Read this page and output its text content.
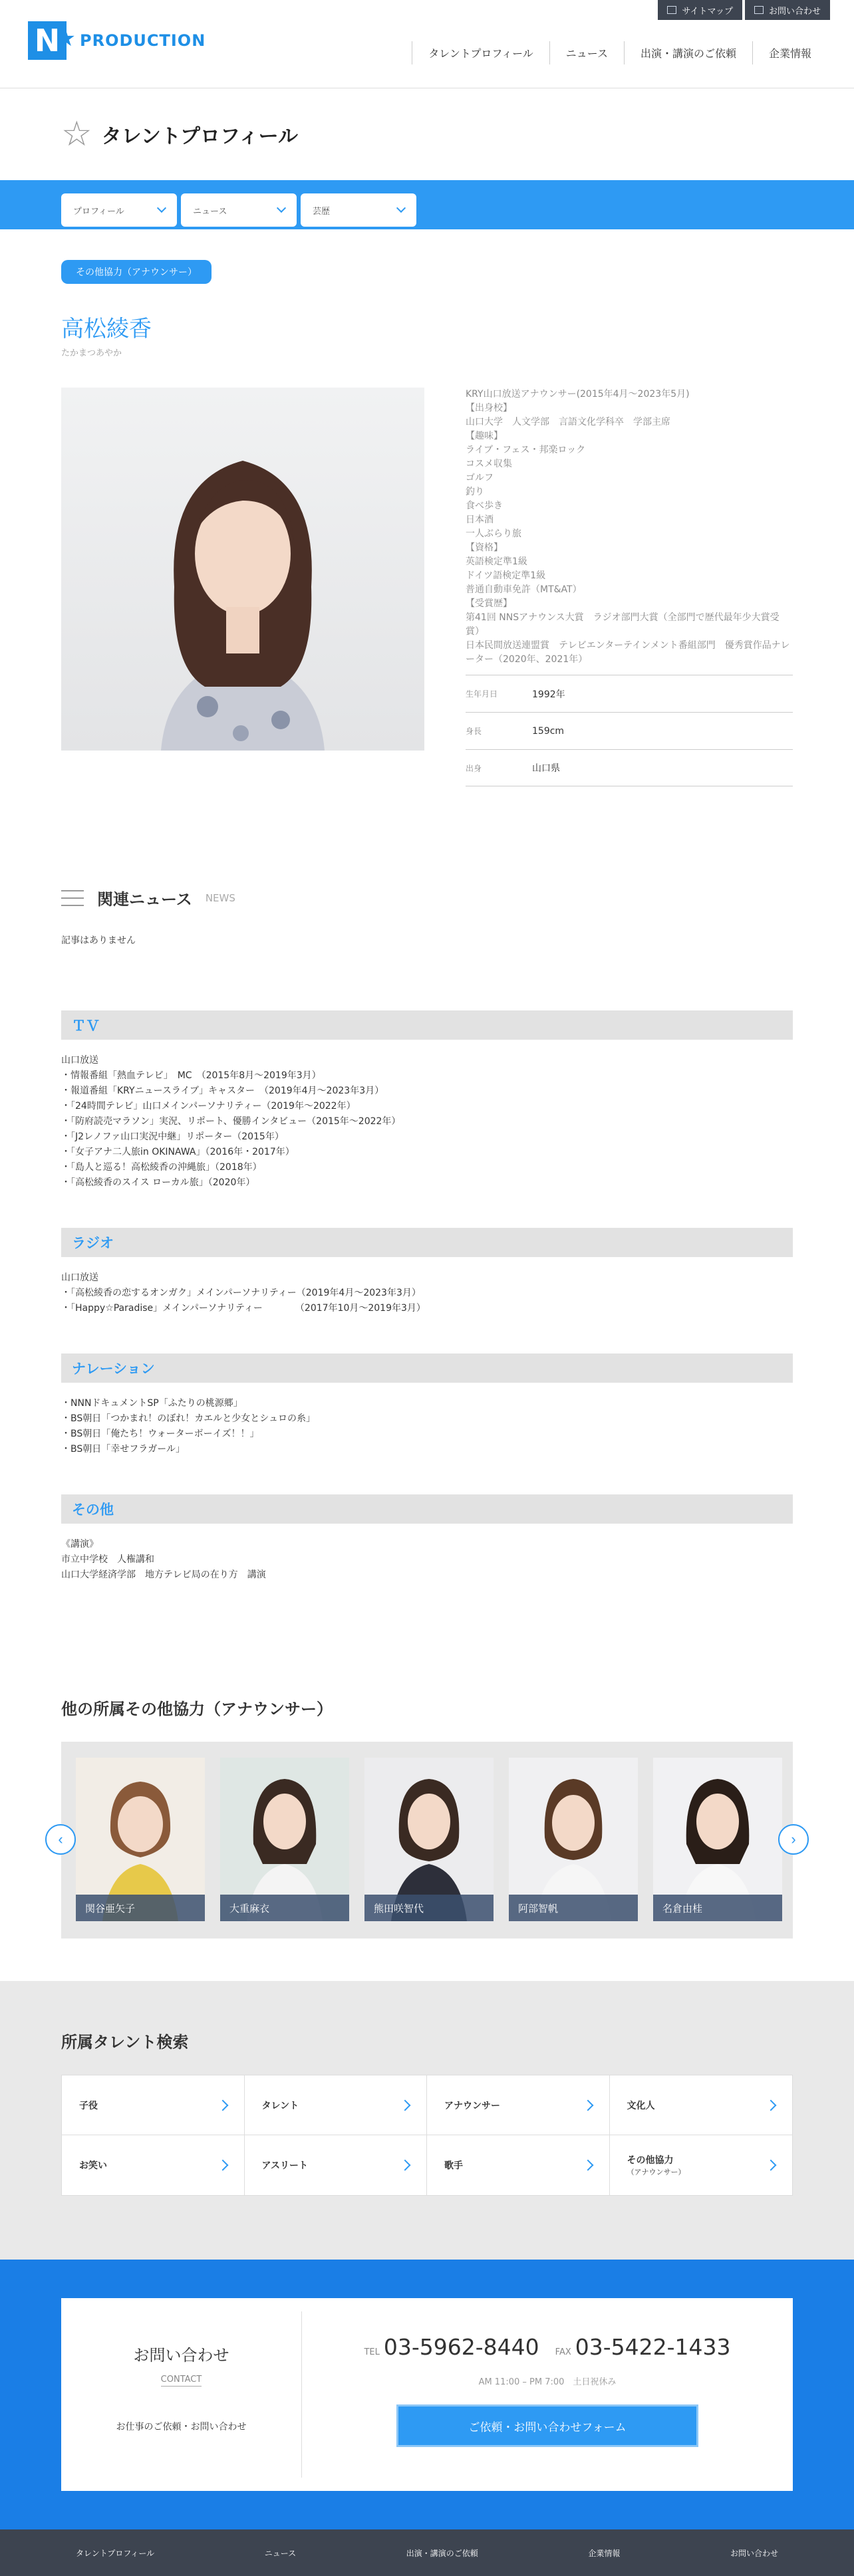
サイトマップ	お問い合わせ
N
★ PRODUCTION
タレントプロフィール	ニュース	出演・講演のご依頼	企業情報
☆ タレントプロフィール
プロフィール	ニュース	芸歴
その他協力（アナウンサー）
高松綾香
たかまつあやか
KRY山口放送アナウンサー(2015年4月〜2023年5月)
【出身校】
山口大学　人文学部　言語文化学科卒　学部主席
【趣味】
ライブ・フェス・邦楽ロック
コスメ収集
ゴルフ
釣り
食べ歩き
日本酒
一人ぶらり旅
【資格】
英語検定準1級
ドイツ語検定準1級
普通自動車免許（MT&AT）
【受賞歴】
第41回 NNSアナウンス大賞　ラジオ部門大賞（全部門で歴代最年少大賞受賞）
日本民間放送連盟賞　テレビエンターテインメント番組部門　優秀賞作品ナレーター（2020年、2021年）
生年月日	1992年
身長	159cm
出身	山口県
関連ニュース NEWS
記事はありません
ＴＶ
山口放送
・情報番組「熱血テレビ」　MC　（2015年8月〜2019年3月）
・報道番組「KRYニュースライブ」キャスター　（2019年4月〜2023年3月）
・「24時間テレビ」山口メインパーソナリティー（2019年〜2022年）
・「防府読売マラソン」実況、リポート、優勝インタビュー（2015年〜2022年）
・「J2レノファ山口実況中継」リポーター（2015年）
・「女子アナ二人旅in OKINAWA」（2016年・2017年）
・「島人と巡る！高松綾香の沖縄旅」（2018年）
・「高松綾香のスイス ローカル旅」（2020年）
ラジオ
山口放送
・「高松綾香の恋するオンガク」メインパーソナリティー（2019年4月〜2023年3月）
・「Happy☆Paradise」メインパーソナリティー　　　　（2017年10月〜2019年3月）
ナレーション
・NNNドキュメントSP「ふたりの桃源郷」
・BS朝日「つかまれ！のぼれ！カエルと少女とシュロの糸」
・BS朝日「俺たち！ウォーターボーイズ！！」
・BS朝日「幸せフラガール」
その他
《講演》
市立中学校　人権講和
山口大学経済学部　地方テレビ局の在り方　講演
他の所属その他協力（アナウンサー）
関谷亜矢子	大重麻衣	熊田咲智代	阿部智帆	名倉由桂
‹	›
所属タレント検索
子役	タレント	アナウンサー	文化人
お笑い	アスリート	歌手	その他協力
（アナウンサー）
お問い合わせ
CONTACT

お仕事のご依頼・お問い合わせ

TEL 03-5962-8440 FAX 03-5422-1433
AM 11:00 – PM 7:00　土日祝休み
ご依頼・お問い合わせフォーム
タレントプロフィール	ニュース	出演・講演のご依頼	企業情報	お問い合わせ
